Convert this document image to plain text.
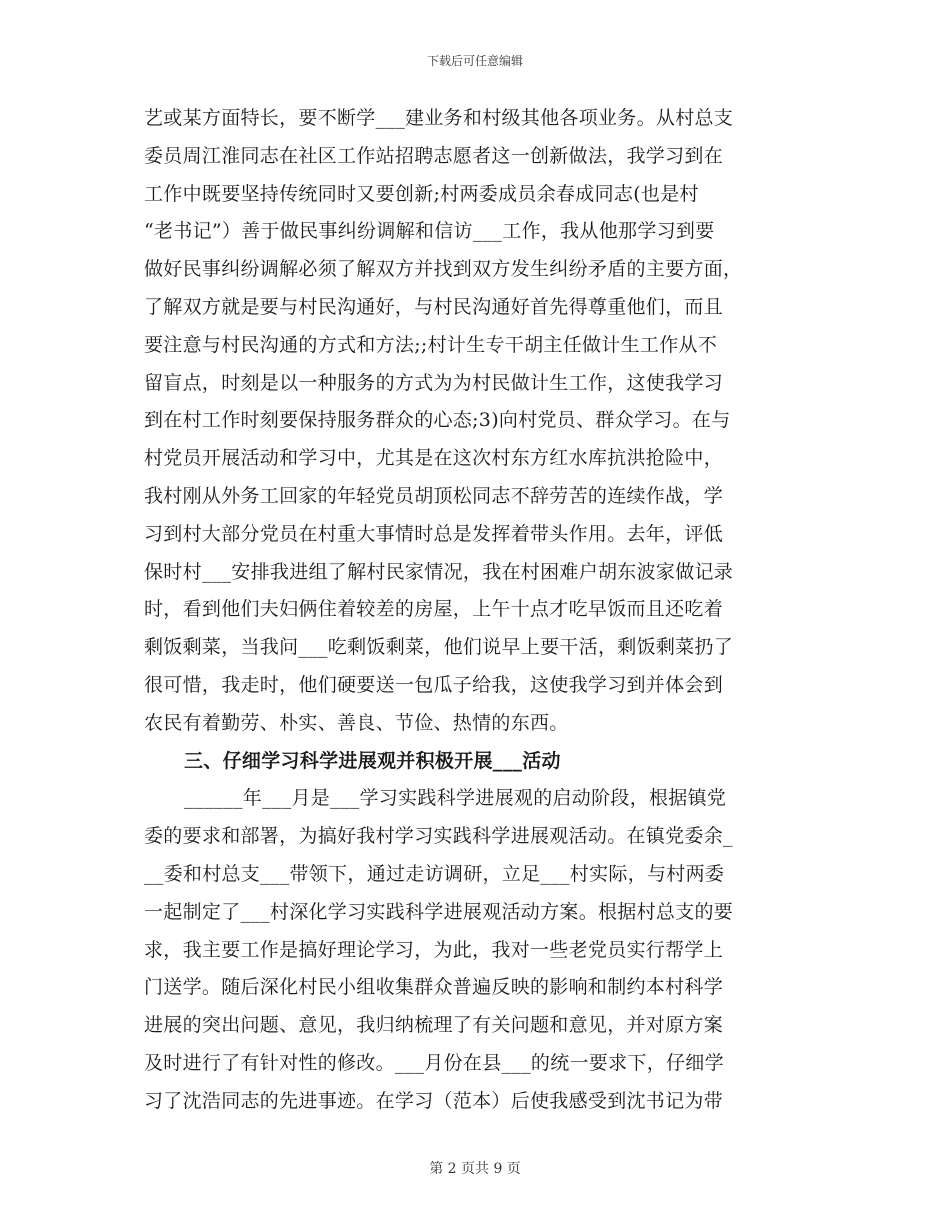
下载后可任意编辑
艺或某方面特长，要不断学___建业务和村级其他各项业务。从村总支
委员周江淮同志在社区工作站招聘志愿者这一创新做法，我学习到在
工作中既要坚持传统同时又要创新;村两委成员余春成同志(也是村
“老书记”）善于做民事纠纷调解和信访___工作，我从他那学习到要
做好民事纠纷调解必须了解双方并找到双方发生纠纷矛盾的主要方面，
了解双方就是要与村民沟通好，与村民沟通好首先得尊重他们，而且
要注意与村民沟通的方式和方法;;村计生专干胡主任做计生工作从不
留盲点，时刻是以一种服务的方式为为村民做计生工作，这使我学习
到在村工作时刻要保持服务群众的心态;3)向村党员、群众学习。在与
村党员开展活动和学习中，尤其是在这次村东方红水库抗洪抢险中，
我村刚从外务工回家的年轻党员胡顶松同志不辞劳苦的连续作战，学
习到村大部分党员在村重大事情时总是发挥着带头作用。去年，评低
保时村___安排我进组了解村民家情况，我在村困难户胡东波家做记录
时，看到他们夫妇俩住着较差的房屋，上午十点才吃早饭而且还吃着
剩饭剩菜，当我问___吃剩饭剩菜，他们说早上要干活，剩饭剩菜扔了
很可惜，我走时，他们硬要送一包瓜子给我，这使我学习到并体会到
农民有着勤劳、朴实、善良、节俭、热情的东西。
三、仔细学习科学进展观并积极开展___活动
______年___月是___学习实践科学进展观的启动阶段，根据镇党
委的要求和部署，为搞好我村学习实践科学进展观活动。在镇党委余_
__委和村总支___带领下，通过走访调研，立足___村实际，与村两委
一起制定了___村深化学习实践科学进展观活动方案。根据村总支的要
求，我主要工作是搞好理论学习，为此，我对一些老党员实行帮学上
门送学。随后深化村民小组收集群众普遍反映的影响和制约本村科学
进展的突出问题、意见，我归纳梳理了有关问题和意见，并对原方案
及时进行了有针对性的修改。___月份在县___的统一要求下，仔细学
习了沈浩同志的先进事迹。在学习（范本）后使我感受到沈书记为带
第 2 页共 9 页
